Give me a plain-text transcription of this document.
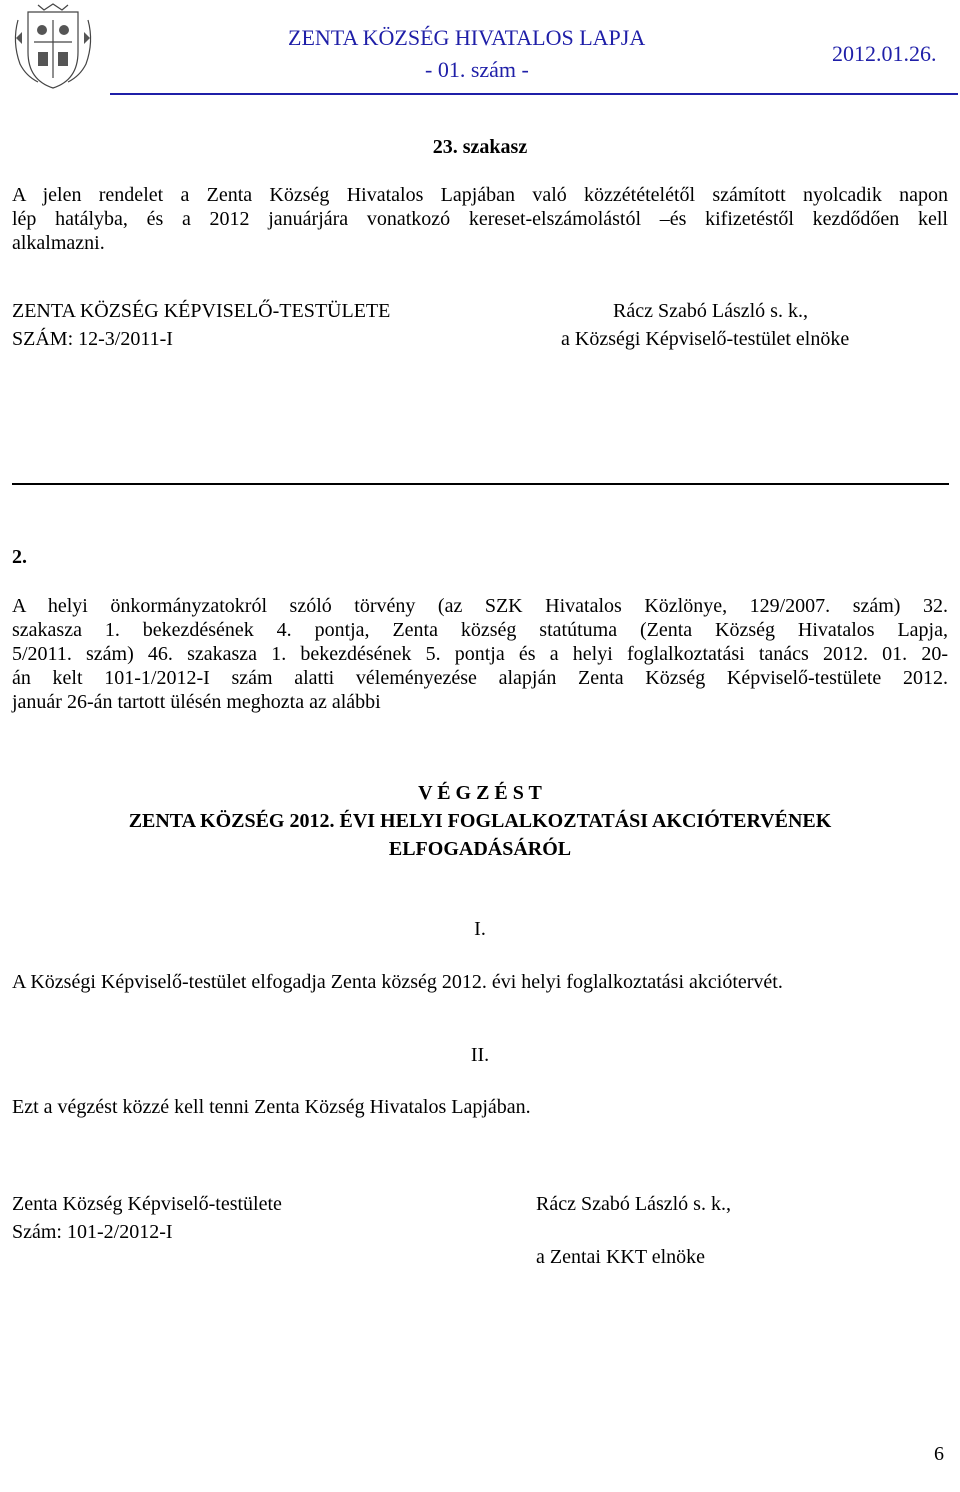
ZENTA KÖZSÉG HIVATALOS LAPJA
- 01. szám -
2012.01.26.
23. szakasz
A jelen rendelet a Zenta Község Hivatalos Lapjában való közzétételétől számított nyolcadik napon
lép hatályba, és a 2012 januárjára vonatkozó kereset-elszámolástól –és kifizetéstől kezdődően kell
alkalmazni.
ZENTA KÖZSÉG KÉPVISELŐ-TESTÜLETE
SZÁM: 12-3/2011-I
Rácz Szabó László s. k.,
a Községi Képviselő-testület elnöke
2.
A helyi önkormányzatokról szóló törvény (az SZK Hivatalos Közlönye, 129/2007. szám) 32.
szakasza 1. bekezdésének 4. pontja, Zenta község statútuma (Zenta Község Hivatalos Lapja,
5/2011. szám) 46. szakasza 1. bekezdésének 5. pontja és a helyi foglalkoztatási tanács 2012. 01. 20-
án kelt 101-1/2012-I szám alatti véleményezése alapján Zenta Község Képviselő-testülete 2012.
január 26-án tartott ülésén meghozta az alábbi
V É G Z É S T
ZENTA KÖZSÉG 2012. ÉVI HELYI FOGLALKOZTATÁSI AKCIÓTERVÉNEK
ELFOGADÁSÁRÓL
I.
A Községi Képviselő-testület elfogadja Zenta község 2012. évi helyi foglalkoztatási akciótervét.
II.
Ezt a végzést közzé kell tenni Zenta Község Hivatalos Lapjában.
Zenta Község Képviselő-testülete
Szám: 101-2/2012-I
Rácz Szabó László s. k.,
a Zentai KKT elnöke
6
